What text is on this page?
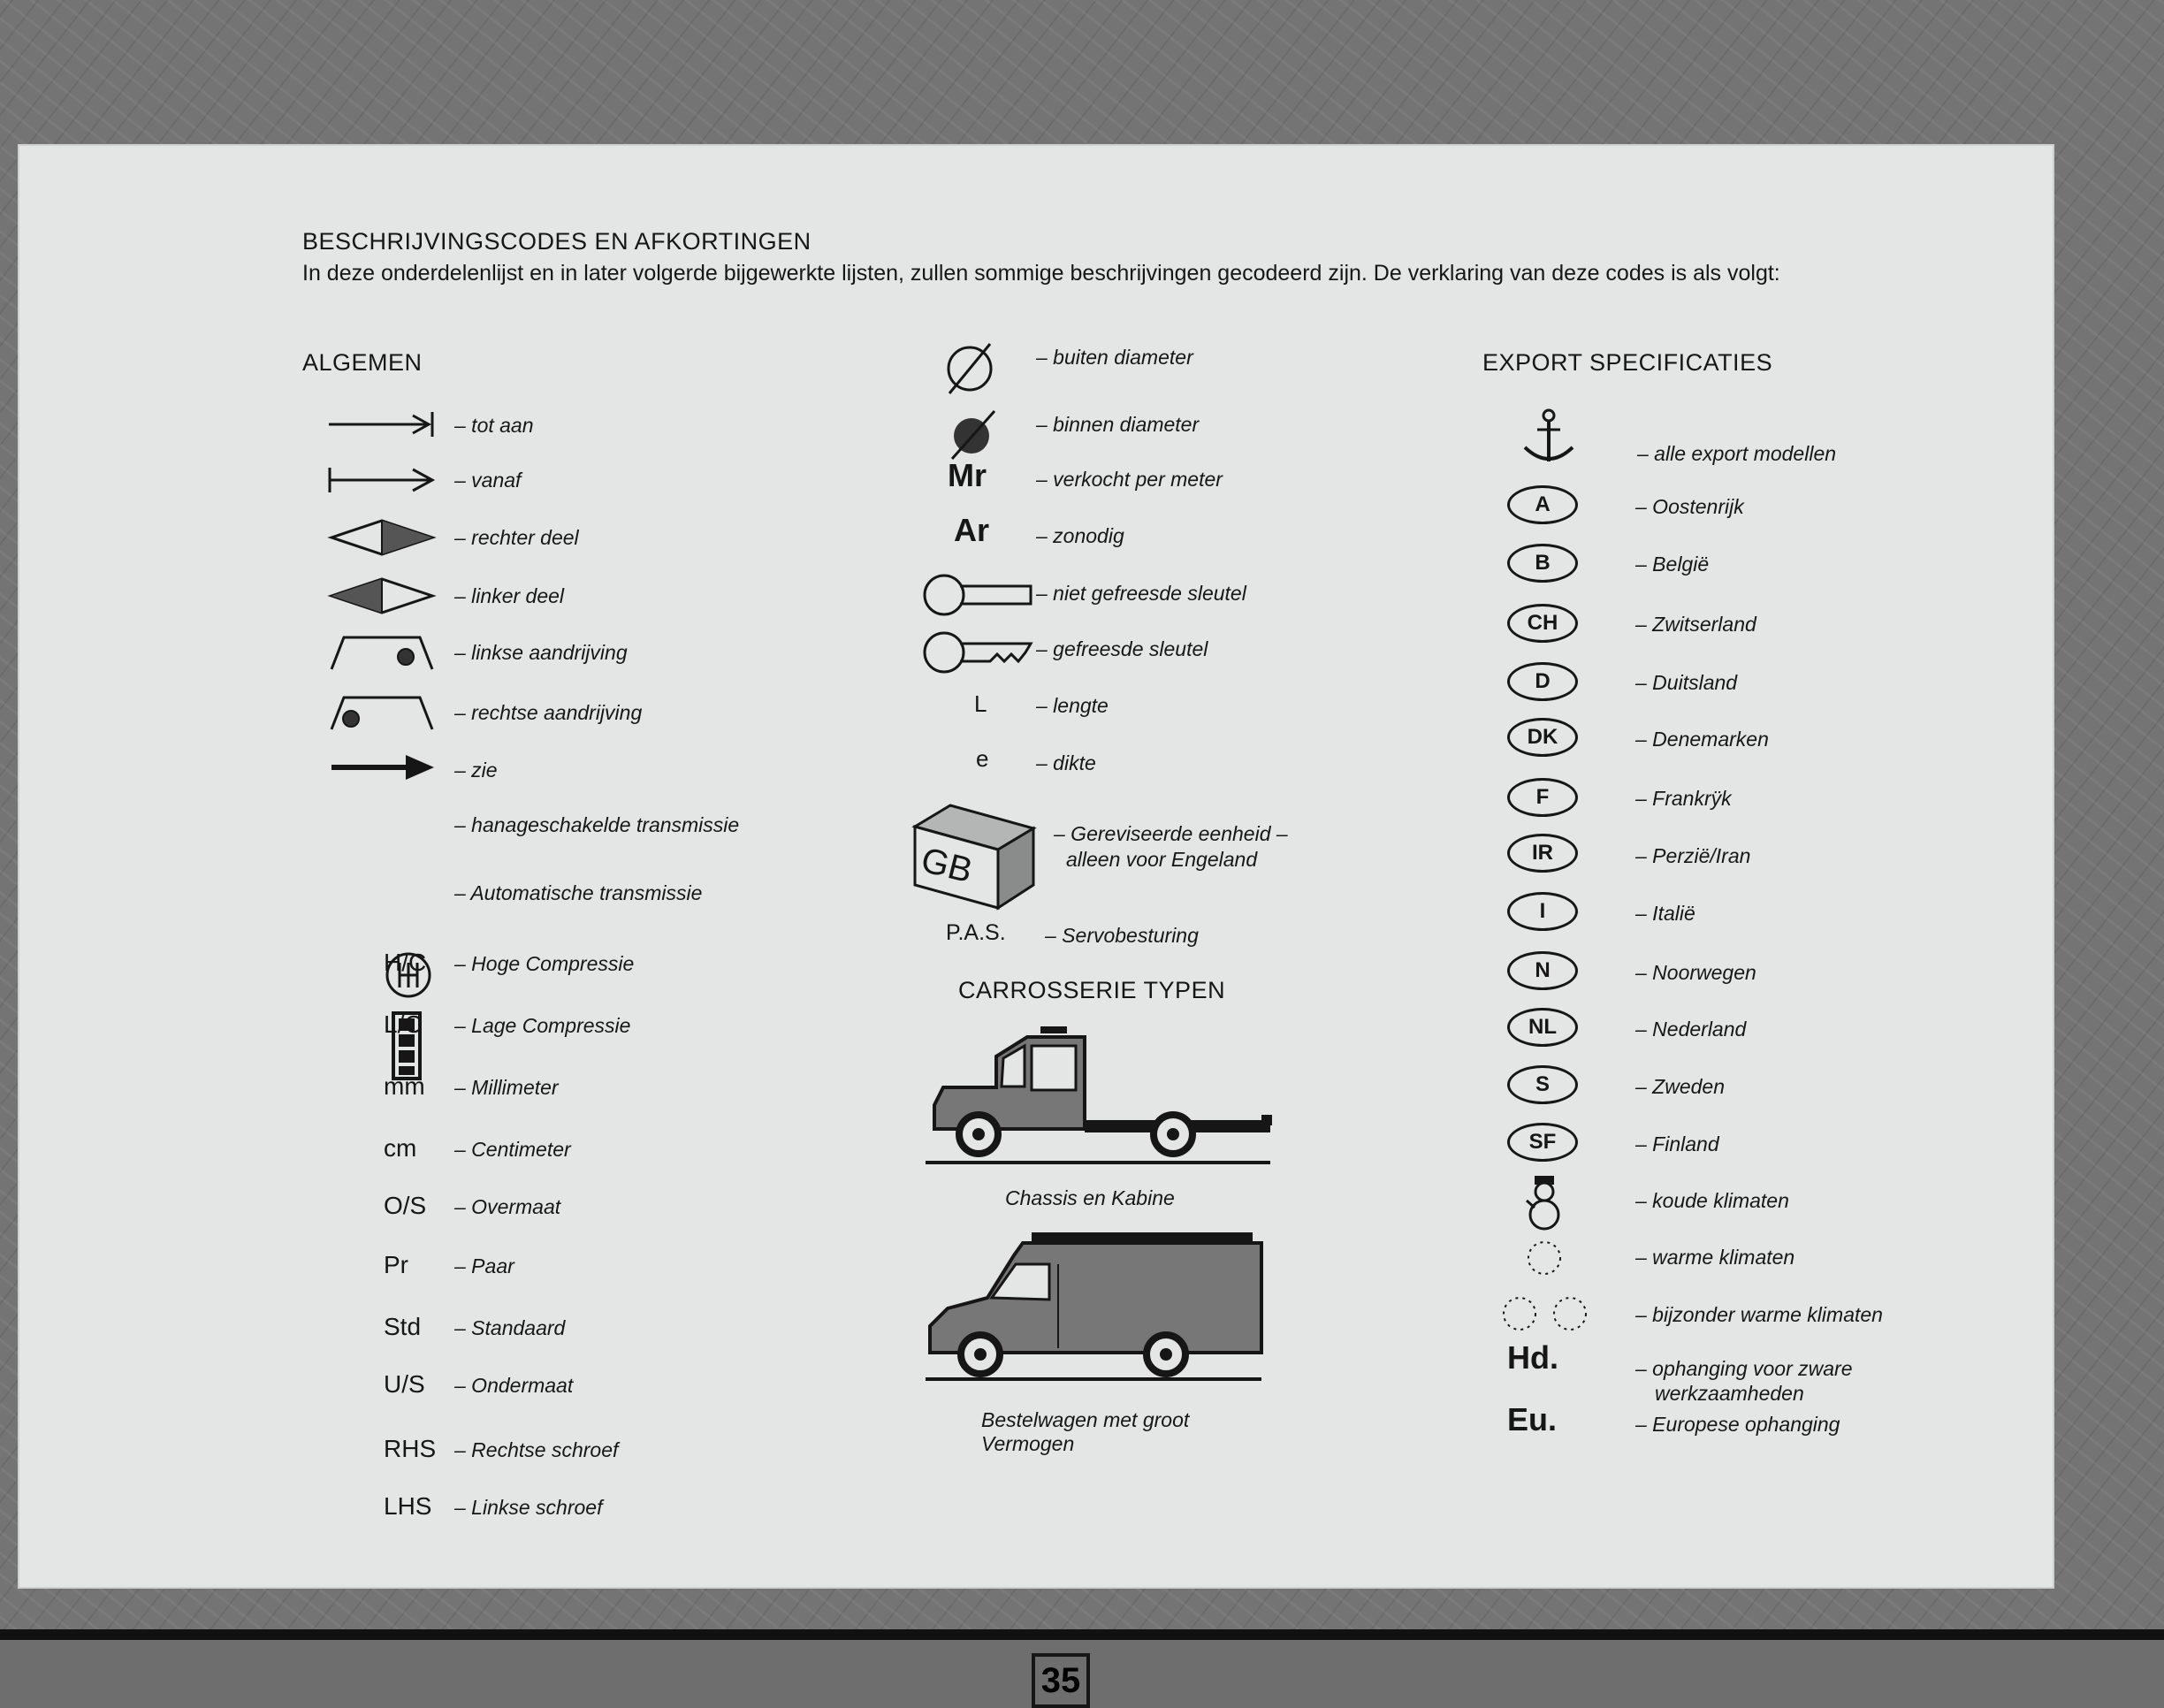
BESCHRIJVINGSCODES EN AFKORTINGEN
In deze onderdelenlijst en in later volgerde bijgewerkte lijsten, zullen sommige beschrijvingen gecodeerd zijn. De verklaring van deze codes is als volgt:
ALGEMEN
– tot aan
– vanaf
– rechter deel
– linker deel
– linkse aandrijving
– rechtse aandrijving
– zie
– hanageschakelde transmissie
– Automatische transmissie
H/C – Hoge Compressie
L/C – Lage Compressie
mm – Millimeter
cm – Centimeter
O/S – Overmaat
Pr – Paar
Std – Standaard
U/S – Ondermaat
RHS – Rechtse schroef
LHS – Linkse schroef
– buiten diameter
– binnen diameter
Mr – verkocht per meter
Ar – zonodig
– niet gefreesde sleutel
– gefreesde sleutel
L – lengte
e – dikte
GB
– Gereviseerde eenheid –
alleen voor Engeland
P.A.S. – Servobesturing
CARROSSERIE TYPEN
Chassis en Kabine
Bestelwagen met groot
Vermogen
35
EXPORT SPECIFICATIES
– alle export modellen
A	– Oostenrijk
B	– België
CH	– Zwitserland
D	– Duitsland
DK	– Denemarken
F	– Frankrÿk
IR	– Perzië/Iran
I	– Italië
N	– Noorwegen
NL	– Nederland
S	– Zweden
SF	– Finland
– koude klimaten
– warme klimaten
– bijzonder warme klimaten
Hd.	– ophanging voor zware
werkzaamheden
Eu.	– Europese ophanging
